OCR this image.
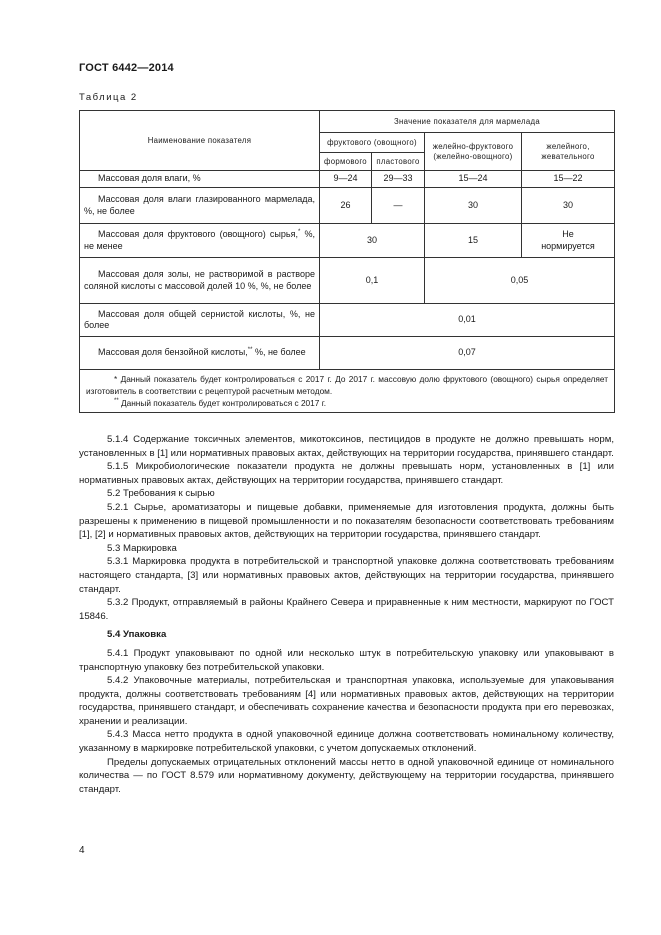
ГОСТ 6442—2014
Таблица 2
Наименование показателя	Значение показателя для мармелада			
	фруктового (овощного)		желейно-фруктового (желейно-овощного)	желейного, жевательного
	формового	пластового		
Массовая доля влаги, %	9—24	29—33	15—24	15—22
Массовая доля влаги глазированного мармелада, %, не более	26	—	30	30
Массовая доля фруктового (овощного) сырья,* %, не менее	30		15	Не
нормируется
Массовая доля золы, не растворимой в растворе соляной кислоты с массовой долей 10 %, %, не более	0,1		0,05	
Массовая доля общей сернистой кислоты, %, не более	0,01			
Массовая доля бензойной кислоты,** %, не более	0,07			

* Данный показатель будет контролироваться с 2017 г. До 2017 г. массовую долю фруктового (овощного) сырья определяет изготовитель в соответствии с рецептурой расчетным методом.

** Данный показатель будет контролироваться с 2017 г.				

5.1.4 Содержание токсичных элементов, микотоксинов, пестицидов в продукте не должно превышать норм, установленных в [1] или нормативных правовых актах, действующих на территории государства, принявшего стандарт.

5.1.5 Микробиологические показатели продукта не должны превышать норм, установленных в [1] или нормативных правовых актах, действующих на территории государства, принявшего стандарт.

5.2 Требования к сырью

5.2.1 Сырье, ароматизаторы и пищевые добавки, применяемые для изготовления продукта, должны быть разрешены к применению в пищевой промышленности и по показателям безопасности соответствовать требованиям [1], [2] и нормативных правовых актов, действующих на территории государства, принявшего стандарт.

5.3 Маркировка

5.3.1 Маркировка продукта в потребительской и транспортной упаковке должна соответствовать требованиям настоящего стандарта, [3] или нормативных правовых актов, действующих на территории государства, принявшего стандарт.

5.3.2 Продукт, отправляемый в районы Крайнего Севера и приравненные к ним местности, маркируют по ГОСТ 15846.

5.4 Упаковка

5.4.1 Продукт упаковывают по одной или несколько штук в потребительскую упаковку или упаковывают в транспортную упаковку без потребительской упаковки.

5.4.2 Упаковочные материалы, потребительская и транспортная упаковка, используемые для упаковывания продукта, должны соответствовать требованиям [4] или нормативных правовых актов, действующих на территории государства, принявшего стандарт, и обеспечивать сохранение качества и безопасности продукта при его перевозках, хранении и реализации.

5.4.3 Масса нетто продукта в одной упаковочной единице должна соответствовать номинальному количеству, указанному в маркировке потребительской упаковки, с учетом допускаемых отклонений.

Пределы допускаемых отрицательных отклонений массы нетто в одной упаковочной единице от номинального количества — по ГОСТ 8.579 или нормативному документу, действующему на территории государства, принявшего стандарт.

4
